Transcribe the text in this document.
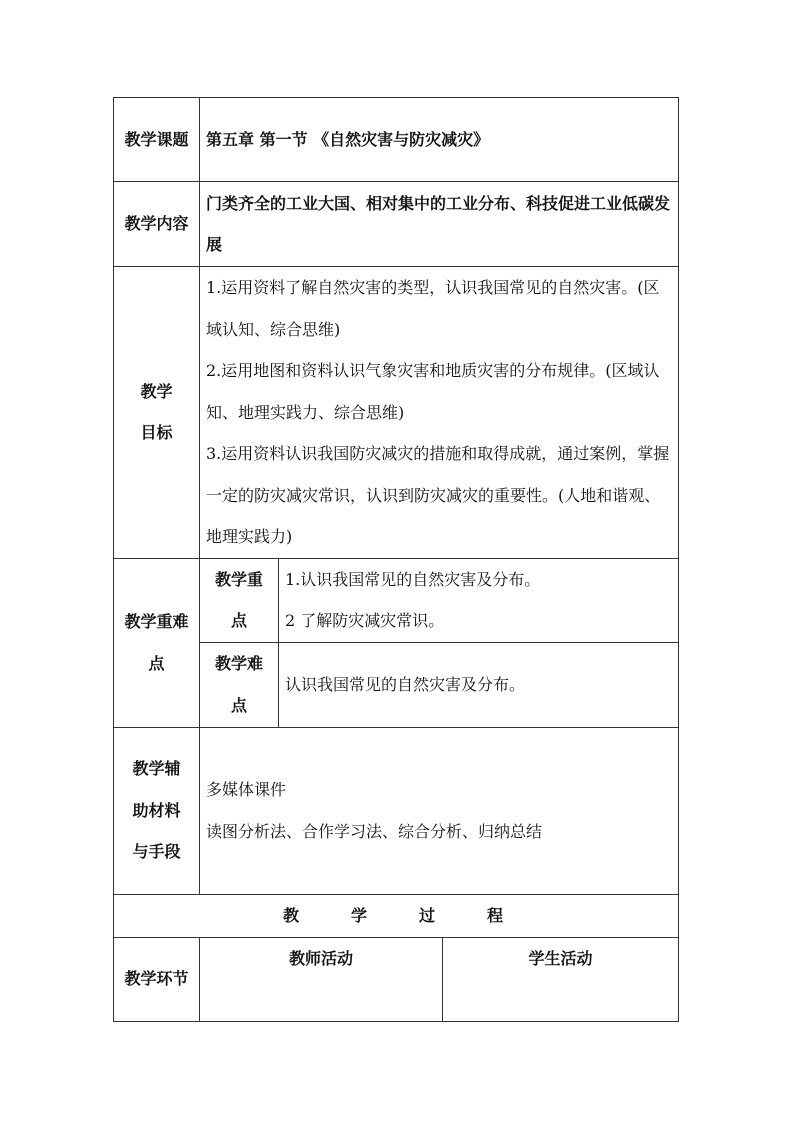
教学课题	第五章 第一节 《自然灾害与防灾减灾》		
教学内容	门类齐全的工业大国、相对集中的工业分布、科技促进工业低碳发展		
教学目标	1.运用资料了解自然灾害的类型，认识我国常见的自然灾害。(区域认知、综合思维)
2.运用地图和资料认识气象灾害和地质灾害的分布规律。(区域认知、地理实践力、综合思维)
3.运用资料认识我国防灾减灾的措施和取得成就，通过案例，掌握一定的防灾减灾常识，认识到防灾减灾的重要性。(人地和谐观、地理实践力)		

教学重难点	教学重点	1.认识我国常见的自然灾害及分布。
2 了解防灾减灾常识。	

	教学难点	认识我国常见的自然灾害及分布。	
教学辅助材料与手段	多媒体课件
读图分析法、合作学习法、综合分析、归纳总结		

教学过程			
教学环节	教师活动		学生活动
